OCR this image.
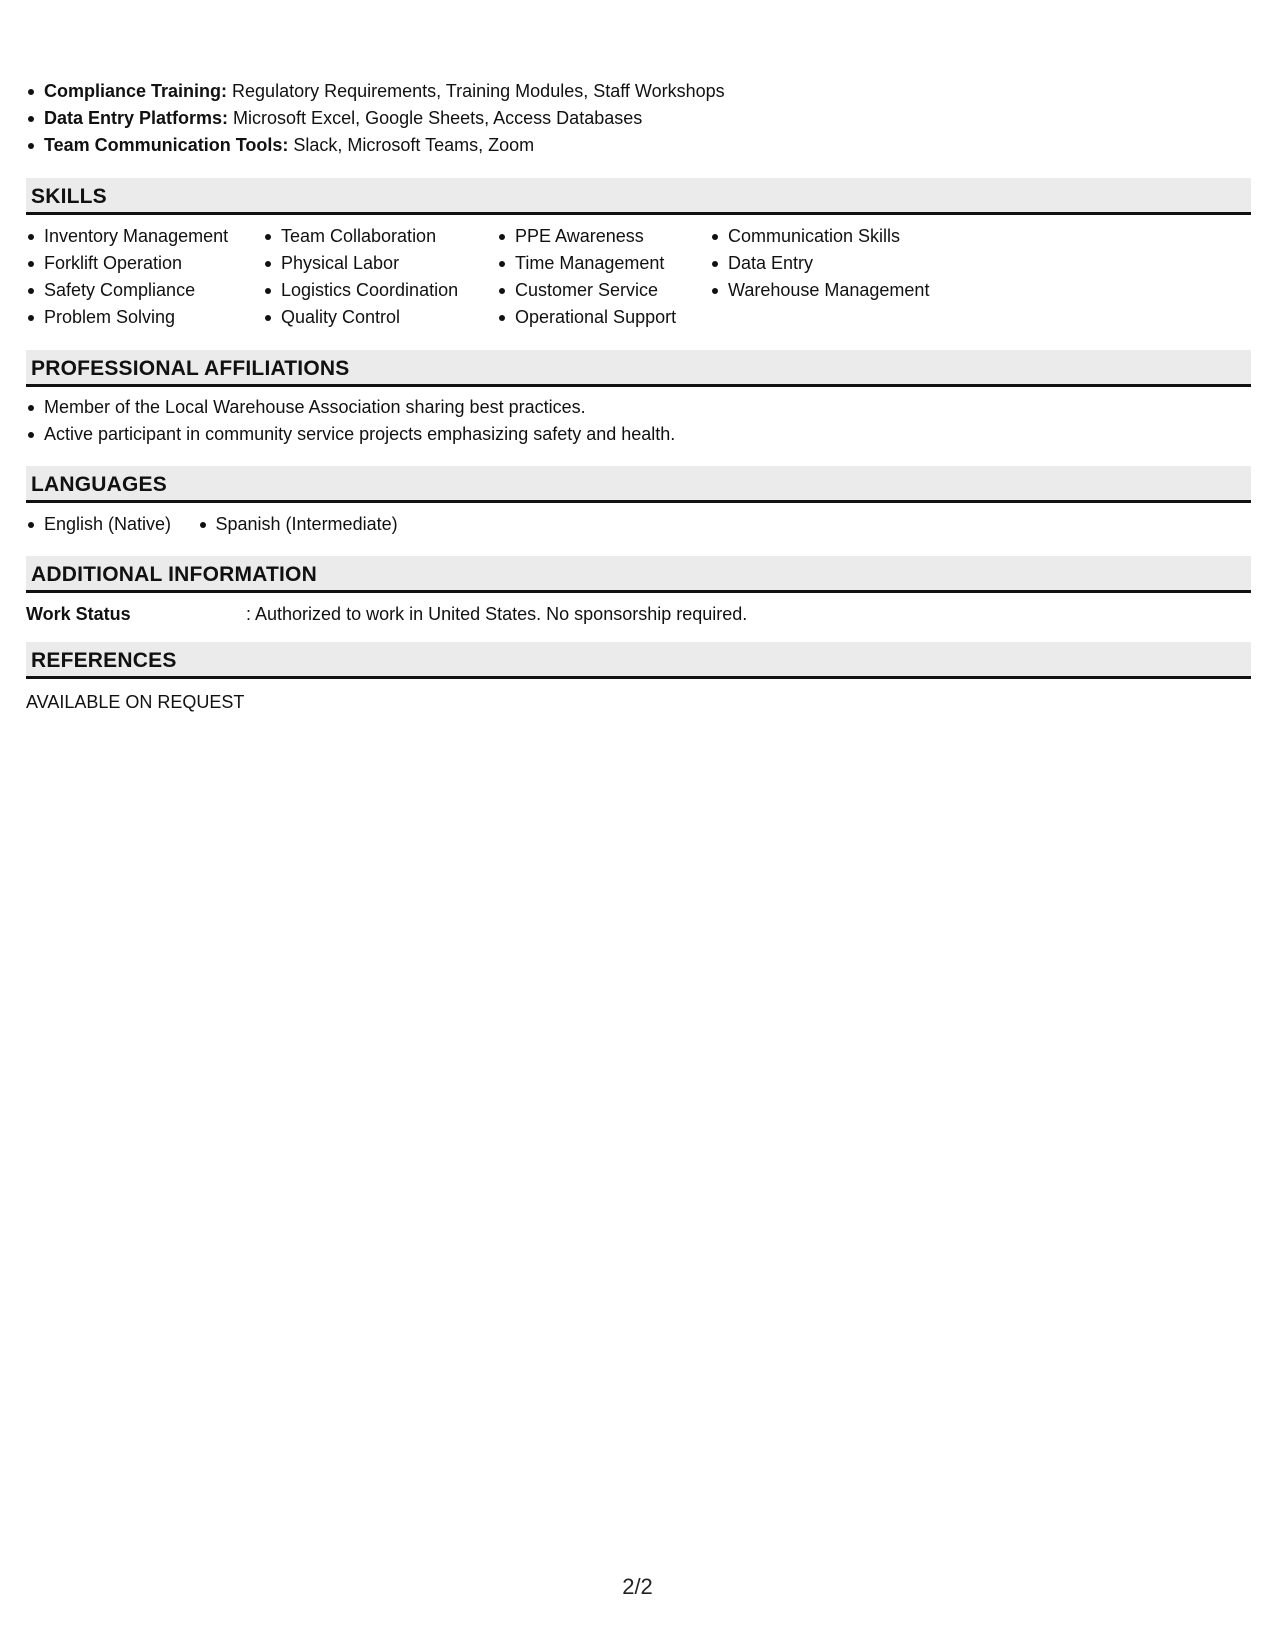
Compliance Training: Regulatory Requirements, Training Modules, Staff Workshops
Data Entry Platforms: Microsoft Excel, Google Sheets, Access Databases
Team Communication Tools: Slack, Microsoft Teams, Zoom
SKILLS
Inventory Management
Forklift Operation
Safety Compliance
Problem Solving
Team Collaboration
Physical Labor
Logistics Coordination
Quality Control
PPE Awareness
Time Management
Customer Service
Operational Support
Communication Skills
Data Entry
Warehouse Management
PROFESSIONAL AFFILIATIONS
Member of the Local Warehouse Association sharing best practices.
Active participant in community service projects emphasizing safety and health.
LANGUAGES
English (Native) Spanish (Intermediate)
ADDITIONAL INFORMATION
Work Status	: Authorized to work in United States. No sponsorship required.
REFERENCES
AVAILABLE ON REQUEST
2/2
